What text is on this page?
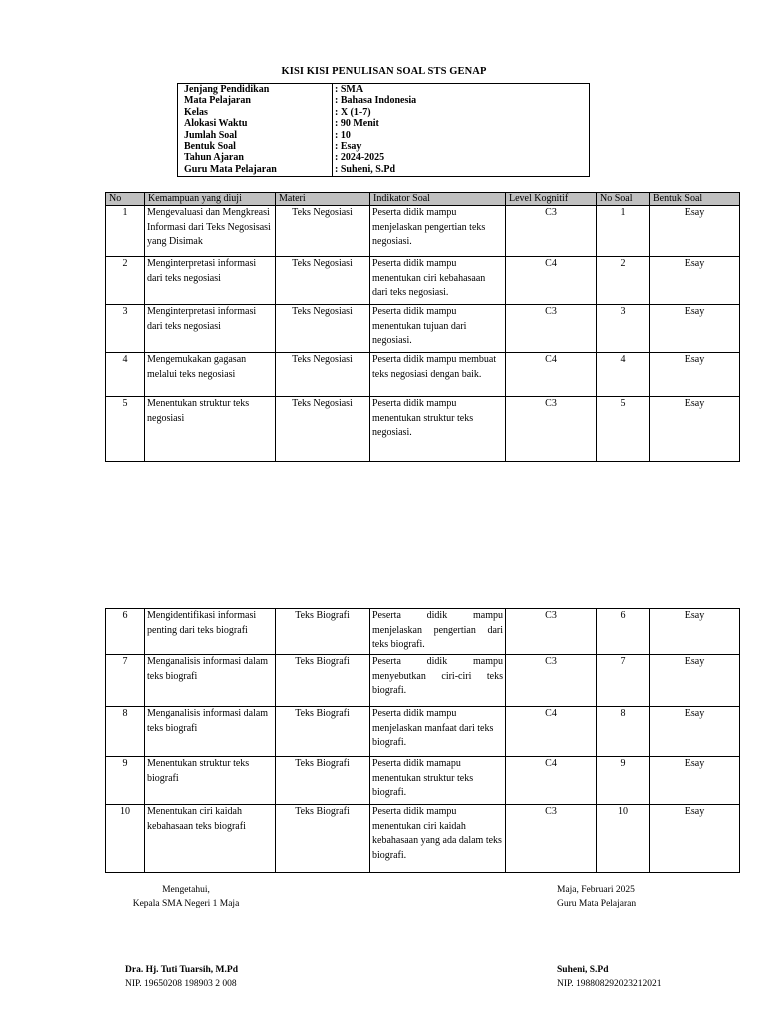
KISI KISI PENULISAN SOAL STS GENAP
Jenjang Pendidikan	: SMA
Mata Pelajaran	: Bahasa Indonesia
Kelas	: X (1-7)
Alokasi Waktu	: 90 Menit
Jumlah Soal	: 10
Bentuk Soal	: Esay
Tahun Ajaran	: 2024-2025
Guru Mata Pelajaran	: Suheni, S.Pd
No	Kemampuan yang diuji	Materi	Indikator Soal	Level Kognitif	No Soal	Bentuk Soal
1	Mengevaluasi dan Mengkreasi Informasi dari Teks Negosisasi yang Disimak	Teks Negosiasi	Peserta didik mampu menjelaskan pengertian teks negosiasi.	C3	1	Esay
2	Menginterpretasi informasi dari teks negosiasi	Teks Negosiasi	Peserta didik mampu menentukan ciri kebahasaan dari teks negosiasi.	C4	2	Esay
3	Menginterpretasi informasi dari teks negosiasi	Teks Negosiasi	Peserta didik mampu menentukan tujuan dari negosiasi.	C3	3	Esay
4	Mengemukakan gagasan melalui teks negosiasi	Teks Negosiasi	Peserta didik mampu membuat teks negosiasi dengan baik.	C4	4	Esay
5	Menentukan struktur teks negosiasi	Teks Negosiasi	Peserta didik mampu menentukan struktur teks negosiasi.	C3	5	Esay
6	Mengidentifikasi informasi penting dari teks biografi	Teks Biografi	Peserta didik mampu menjelaskan pengertian dari teks biografi.	C3	6	Esay
7	Menganalisis informasi dalam teks biografi	Teks Biografi	Peserta didik mampu menyebutkan ciri-ciri teks biografi.	C3	7	Esay
8	Menganalisis informasi dalam teks biografi	Teks Biografi	Peserta didik mampu menjelaskan manfaat dari teks biografi.	C4	8	Esay
9	Menentukan struktur teks biografi	Teks Biografi	Peserta didik mamapu menentukan struktur teks biografi.	C4	9	Esay
10	Menentukan ciri kaidah kebahasaan teks biografi	Teks Biografi	Peserta didik mampu menentukan ciri kaidah kebahasaan yang ada dalam teks biografi.	C3	10	Esay
Mengetahui,
Kepala SMA Negeri 1 Maja
Dra. Hj. Tuti Tuarsih, M.Pd
NIP. 19650208 198903 2 008
Maja, Februari 2025
Guru Mata Pelajaran
Suheni, S.Pd
NIP. 198808292023212021
